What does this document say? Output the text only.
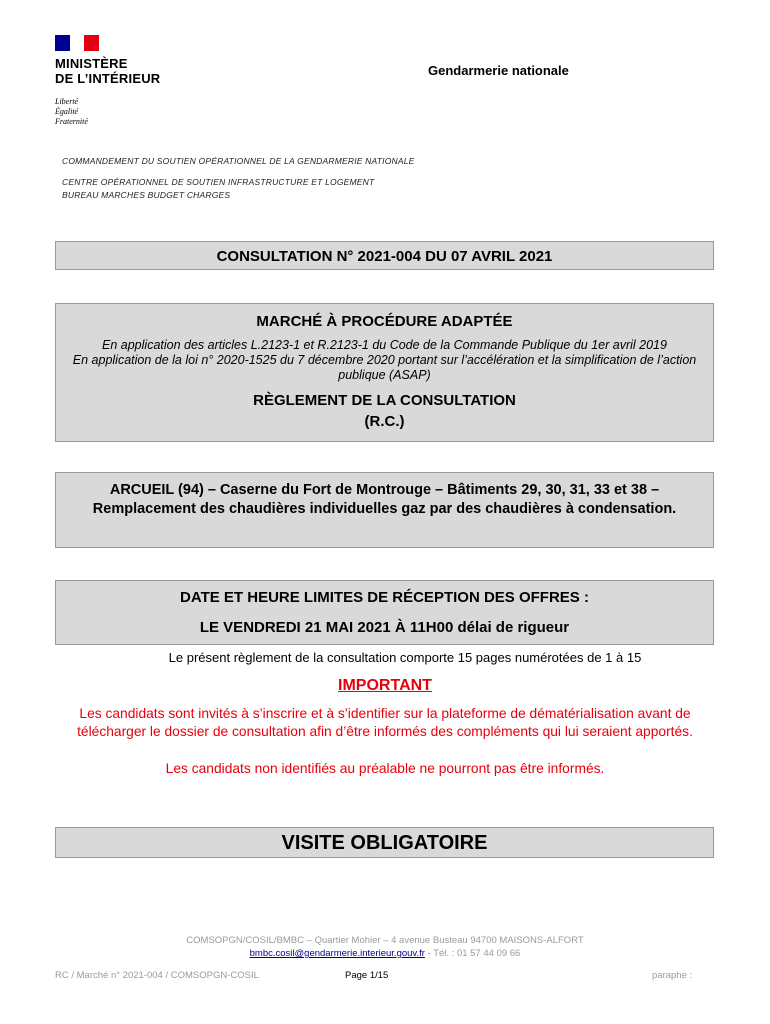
MINISTÈRE
DE L’INTÉRIEUR
Liberté
Égalité
Fraternité
Gendarmerie nationale
COMMANDEMENT DU SOUTIEN OPÉRATIONNEL DE LA GENDARMERIE NATIONALE
CENTRE OPÉRATIONNEL DE SOUTIEN INFRASTRUCTURE ET LOGEMENT
BUREAU MARCHES BUDGET CHARGES
CONSULTATION N° 2021-004 DU 07 AVRIL 2021
MARCHÉ À PROCÉDURE ADAPTÉE
En application des articles L.2123-1 et R.2123-1 du Code de la Commande Publique du 1er avril 2019
En application de la loi n° 2020-1525 du 7 décembre 2020 portant sur l’accélération et la simplification de l’action publique (ASAP)
RÈGLEMENT DE LA CONSULTATION
(R.C.)
ARCUEIL (94) – Caserne du Fort de Montrouge – Bâtiments 29, 30, 31, 33 et 38 – Remplacement des chaudières individuelles gaz par des chaudières à condensation.
DATE ET HEURE LIMITES DE RÉCEPTION DES OFFRES :
LE VENDREDI 21 MAI 2021 À 11H00 délai de rigueur
Le présent règlement de la consultation comporte 15 pages numérotées de 1 à 15
IMPORTANT
Les candidats sont invités à s’inscrire et à s’identifier sur la plateforme de dématérialisation avant de télécharger le dossier de consultation afin d’être informés des compléments qui lui seraient apportés.
Les candidats non identifiés au préalable ne pourront pas être informés.
VISITE OBLIGATOIRE
COMSOPGN/COSIL/BMBC – Quartier Mohier – 4 avenue Busteau 94700 MAISONS-ALFORT
bmbc.cosil@gendarmerie.interieur.gouv.fr - Tél. : 01 57 44 09 66
RC / Marché n° 2021-004 / COMSOPGN-COSIL	Page 1/15	paraphe :
